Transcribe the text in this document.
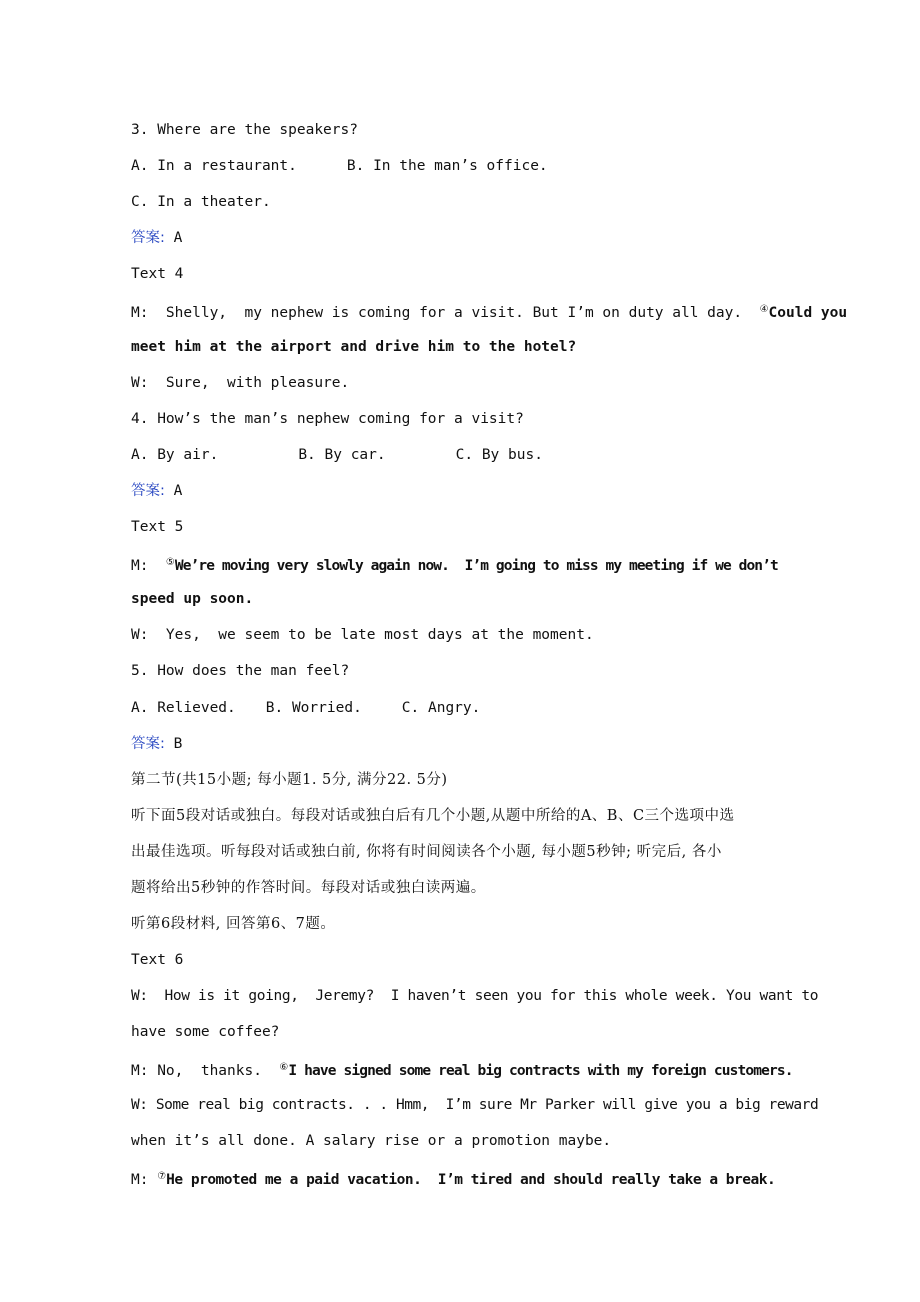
3. Where are the speakers?
A. In a restaurant.	B. In the man’s office.
C. In a theater.
答案: A
Text 4
M:  Shelly,  my nephew is coming for a visit. But I’m on duty all day.  ④Could you
meet him at the airport and drive him to the hotel?
W:  Sure,  with pleasure.
4. How’s the man’s nephew coming for a visit?
A. By air.	B. By car.	C. By bus.
答案: A
Text 5
M:  ⑤We’re moving very slowly again now.  I’m going to miss my meeting if we don’t
speed up soon.
W:  Yes,  we seem to be late most days at the moment.
5. How does the man feel?
A. Relieved. B. Worried.	C. Angry.
答案: B
第二节(共15小题; 每小题1. 5分, 满分22. 5分)
听下面5段对话或独白。每段对话或独白后有几个小题,从题中所给的A、B、C三个选项中选
出最佳选项。听每段对话或独白前, 你将有时间阅读各个小题, 每小题5秒钟; 听完后, 各小
题将给出5秒钟的作答时间。每段对话或独白读两遍。
听第6段材料, 回答第6、7题。
Text 6
W:  How is it going,  Jeremy?  I haven’t seen you for this whole week. You want to
have some coffee?
M: No,  thanks.  ⑥I have signed some real big contracts with my foreign customers.
W: Some real big contracts. . . Hmm,  I’m sure Mr Parker will give you a big reward
when it’s all done. A salary rise or a promotion maybe.
M: ⑦He promoted me a paid vacation.  I’m tired and should really take a break.
